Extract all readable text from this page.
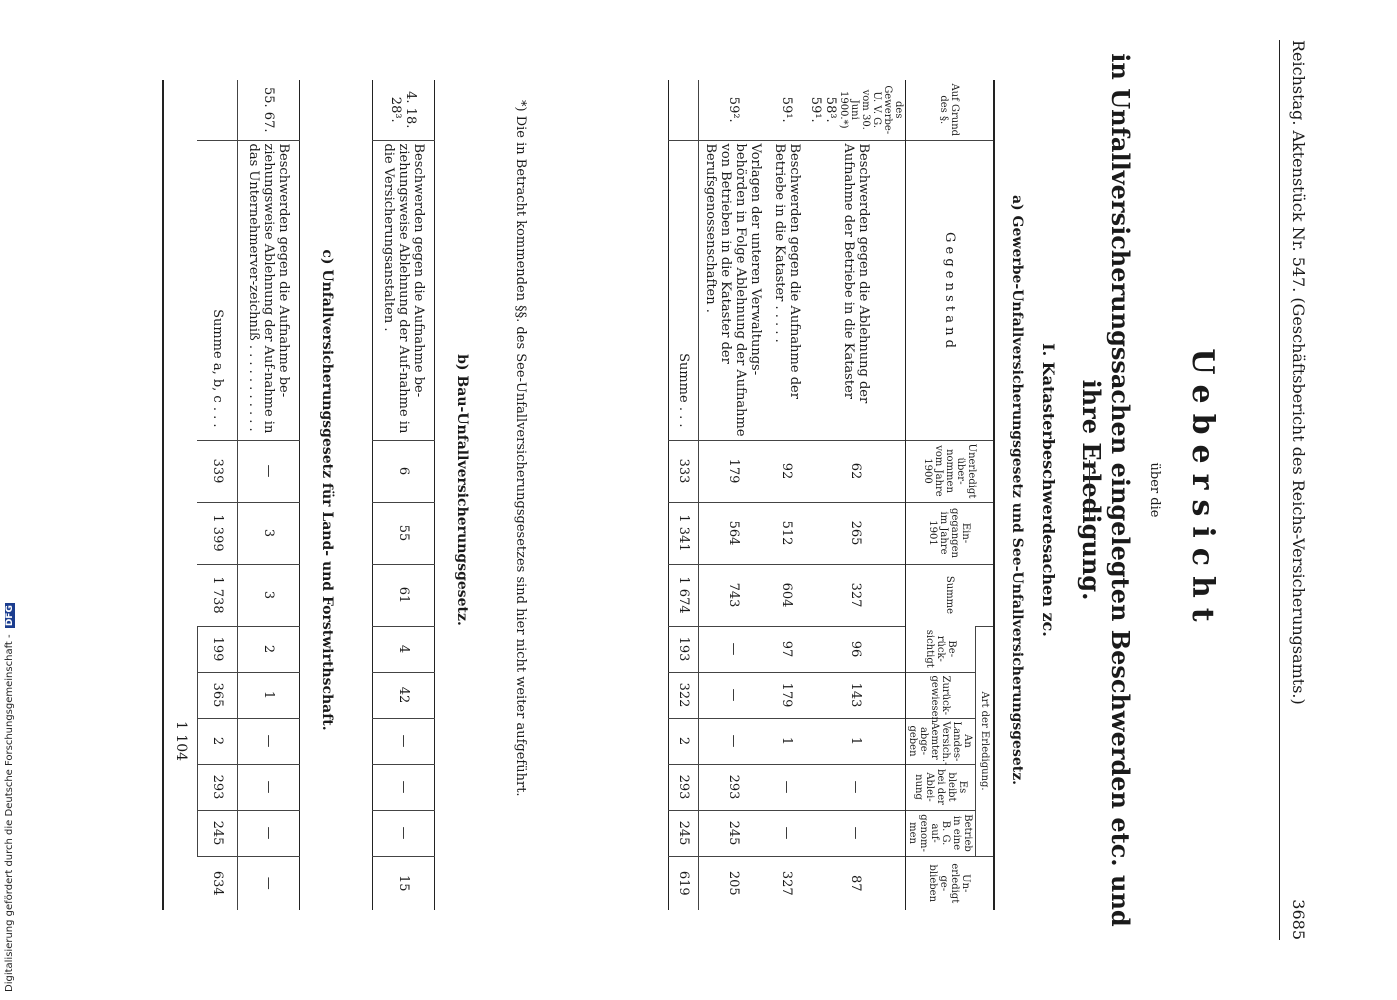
Reichstag. Aktenstück Nr. 547. (Geschäftsbericht des Reichs-Versicherungsamts.)
3685
Uebersicht
über die
in Unfallversicherungssachen eingelegten Beschwerden etc. und ihre Erledigung.
I. Katasterbeschwerdesachen zc.
a) Gewerbe-Unfallversicherungsgesetz und See-Unfallversicherungsgesetz.
Auf Grund des §.	G e g e n s t a n d	Unerledigt über-nommen vom Jahre 1900	Ein-gegangen im Jahre 1901	Summe	Art der Erledigung.					Un-erledigt ge-blieben
					Be-rück-sichtigt	Zurück-gewiesen	An Landes-Versich.-Aemter abge-geben	Es bleibt bei der Ablei-nung	Betrieb in eine B. G. auf-genom-men	

des Gewerbe-U. V. G. vom 30. Juni 1900.*)
58³. 59¹.	Beschwerden gegen die Ablehnung der Aufnahme der Betriebe in die Kataster	62	265	327	96	143	1	—	—	87
59¹.	Beschwerden gegen die Aufnahme der Betriebe in die Kataster . . . . .	92	512	604	97	179	1	—	—	327
59².	Vorlagen der unteren Verwaltungs-behörden in Folge Ablehnung der Aufnahme von Betrieben in die Kataster der Berufsgenossenschaften .	179	564	743	—	—	—	293	245	205
	Summe . . .	333	1 341	1 674	193	322	2	293	245	619
*) Die in Betracht kommenden §§. des See-Unfallversicherungsgesetzes sind hier nicht weiter aufgeführt.
b) Bau-Unfallversicherungsgesetz.
4. 18. 28³.	Beschwerden gegen die Aufnahme be-ziehungsweise Ablehnung der Auf-nahme in die Versicherungsanstalten .	6	55	61	4	42	—	—	—	15
c) Unfallversicherungsgesetz für Land- und Forstwirthschaft.
55. 67.	Beschwerden gegen die Aufnahme be-ziehungsweise Ablehnung der Auf-nahme in das Unternehmerver-zeichniß . . . . . . . . . . .	—	3	3	2	1	—	—	—	—
	Summe a, b, c . . .	339	1 399	1 738	199	365	2	293	245	634
					1 104					
Digitalisierung gefördert durch die Deutsche Forschungsgemeinschaft - DFG
